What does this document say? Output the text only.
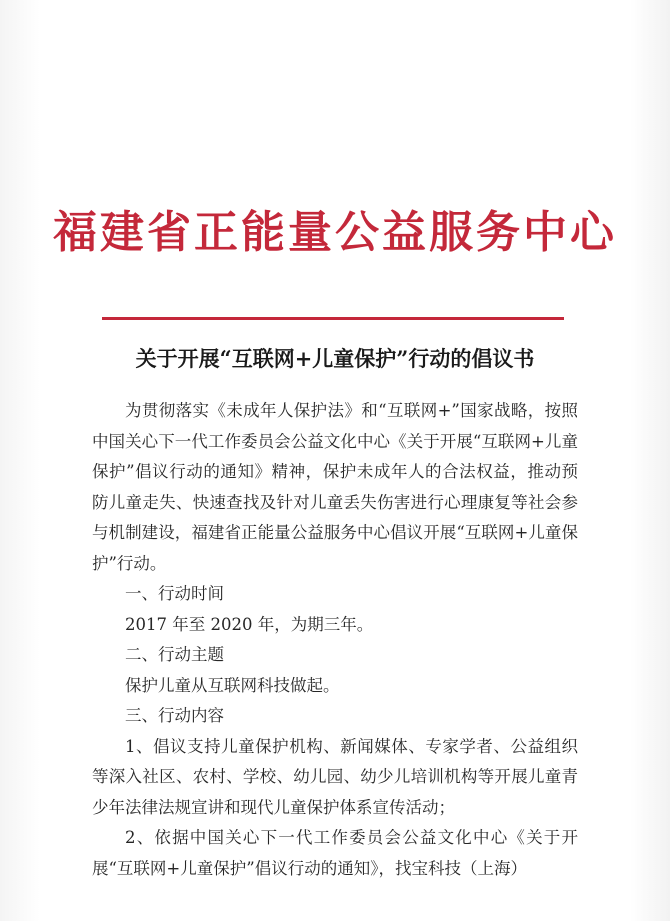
福建省正能量公益服务中心
关于开展“互联网+儿童保护”行动的倡议书

为贯彻落实《未成年人保护法》和“互联网+”国家战略，按照中国关心下一代工作委员会公益文化中心《关于开展“互联网+儿童保护”倡议行动的通知》精神，保护未成年人的合法权益，推动预防儿童走失、快速查找及针对儿童丢失伤害进行心理康复等社会参与机制建设，福建省正能量公益服务中心倡议开展“互联网+儿童保护”行动。

一、行动时间

2017 年至 2020 年，为期三年。

二、行动主题

保护儿童从互联网科技做起。

三、行动内容

1、倡议支持儿童保护机构、新闻媒体、专家学者、公益组织等深入社区、农村、学校、幼儿园、幼少儿培训机构等开展儿童青少年法律法规宣讲和现代儿童保护体系宣传活动；

2、依据中国关心下一代工作委员会公益文化中心《关于开展“互联网+儿童保护”倡议行动的通知》，找宝科技（上海）
